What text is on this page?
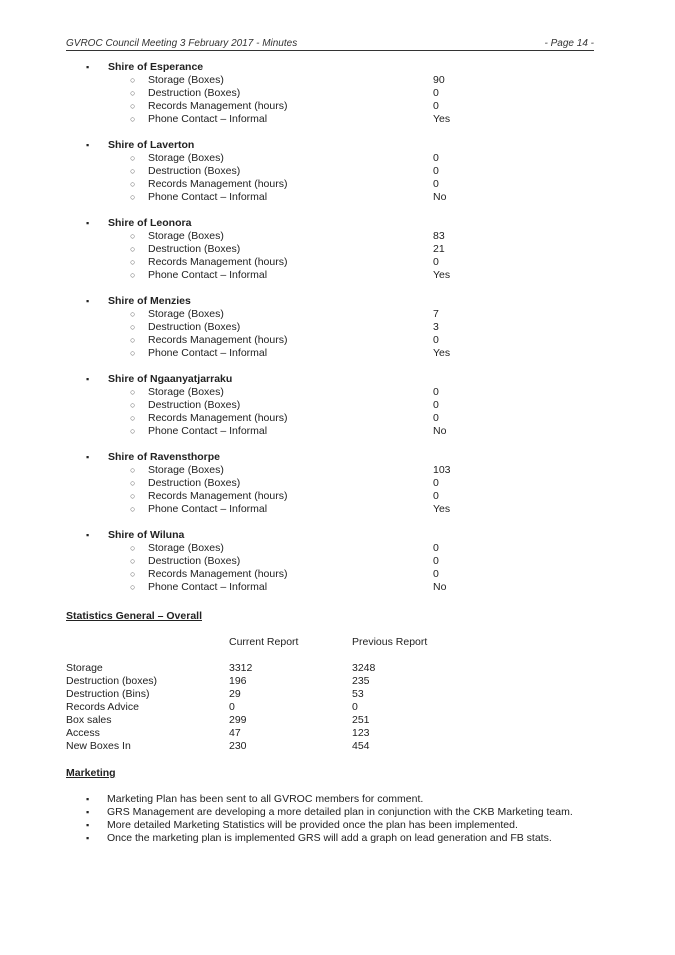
GVROC Council Meeting 3 February 2017 - Minutes	- Page 14 -
▪ Shire of Esperance
○ Storage (Boxes)	90
○ Destruction (Boxes)	0
○ Records Management (hours)	0
○ Phone Contact – Informal	Yes
▪ Shire of Laverton
○ Storage (Boxes)	0
○ Destruction (Boxes)	0
○ Records Management (hours)	0
○ Phone Contact – Informal	No
▪ Shire of Leonora
○ Storage (Boxes)	83
○ Destruction (Boxes)	21
○ Records Management (hours)	0
○ Phone Contact – Informal	Yes
▪ Shire of Menzies
○ Storage (Boxes)	7
○ Destruction (Boxes)	3
○ Records Management (hours)	0
○ Phone Contact – Informal	Yes
▪ Shire of Ngaanyatjarraku
○ Storage (Boxes)	0
○ Destruction (Boxes)	0
○ Records Management (hours)	0
○ Phone Contact – Informal	No
▪ Shire of Ravensthorpe
○ Storage (Boxes)	103
○ Destruction (Boxes)	0
○ Records Management (hours)	0
○ Phone Contact – Informal	Yes
▪ Shire of Wiluna
○ Storage (Boxes)	0
○ Destruction (Boxes)	0
○ Records Management (hours)	0
○ Phone Contact – Informal	No
Statistics General – Overall
	Current Report	Previous Report

Storage	3312	3248
Destruction (boxes)	196	235
Destruction (Bins)	29	53
Records Advice	0	0
Box sales	299	251
Access	47	123
New Boxes In	230	454
Marketing
▪ Marketing Plan has been sent to all GVROC members for comment.
▪ GRS Management are developing a more detailed plan in conjunction with the CKB Marketing team.
▪ More detailed Marketing Statistics will be provided once the plan has been implemented.
▪ Once the marketing plan is implemented GRS will add a graph on lead generation and FB stats.
